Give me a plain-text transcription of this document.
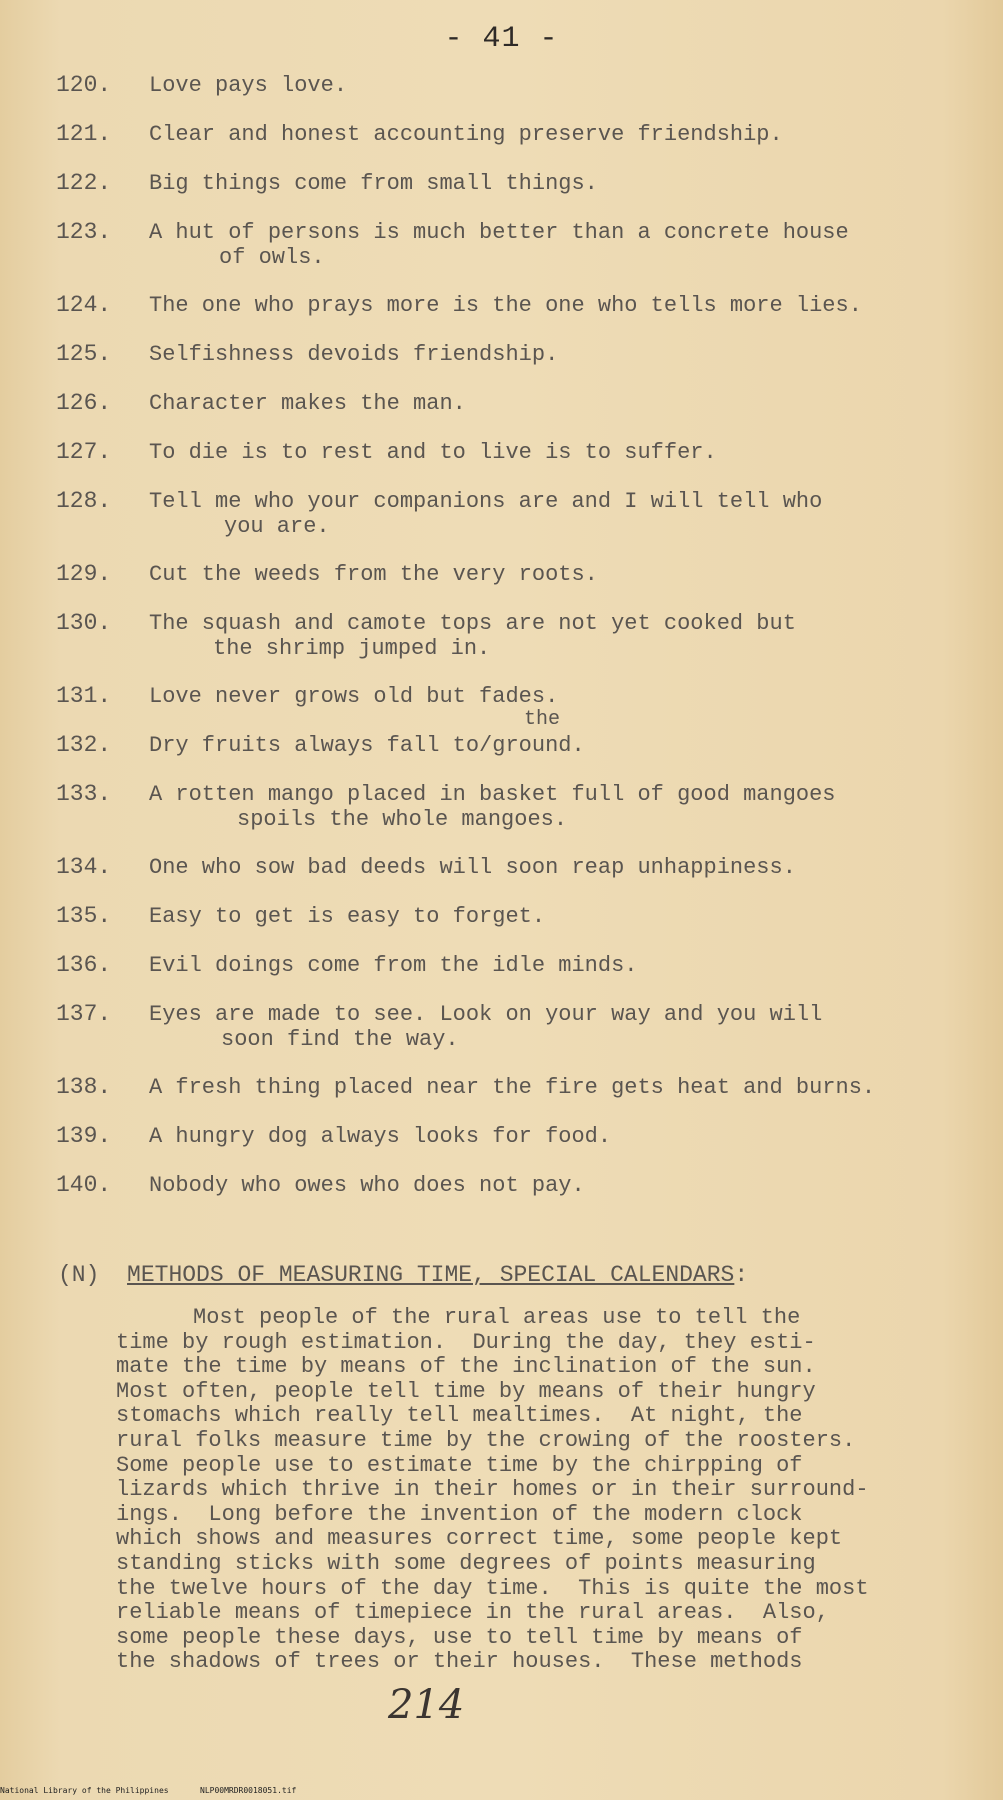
- 41 -
120.	Love pays love.
121.	Clear and honest accounting preserve friendship.
122.	Big things come from small things.
123.	A hut of persons is much better than a concrete house
of owls.
124.	The one who prays more is the one who tells more lies.
125.	Selfishness devoids friendship.
126.	Character makes the man.
127.	To die is to rest and to live is to suffer.
128.	Tell me who your companions are and I will tell who
you are.
129.	Cut the weeds from the very roots.
130.	The squash and camote tops are not yet cooked but
the shrimp jumped in.
131.	Love never grows old but fades.
132.	Dry fruits always fall to/ground.
the
133.	A rotten mango placed in basket full of good mangoes
spoils the whole mangoes.
134.	One who sow bad deeds will soon reap unhappiness.
135.	Easy to get is easy to forget.
136.	Evil doings come from the idle minds.
137.	Eyes are made to see. Look on your way and you will
soon find the way.
138.	A fresh thing placed near the fire gets heat and burns.
139.	A hungry dog always looks for food.
140.	Nobody who owes who does not pay.
(N) METHODS OF MEASURING TIME, SPECIAL CALENDARS:
Most people of the rural areas use to tell the
time by rough estimation.  During the day, they esti-
mate the time by means of the inclination of the sun.
Most often, people tell time by means of their hungry
stomachs which really tell mealtimes.  At night, the
rural folks measure time by the crowing of the roosters.
Some people use to estimate time by the chirpping of
lizards which thrive in their homes or in their surround-
ings.  Long before the invention of the modern clock
which shows and measures correct time, some people kept
standing sticks with some degrees of points measuring
the twelve hours of the day time.  This is quite the most
reliable means of timepiece in the rural areas.  Also,
some people these days, use to tell time by means of
the shadows of trees or their houses.  These methods
214
National Library of the Philippines	NLP00MRDR0018051.tif
